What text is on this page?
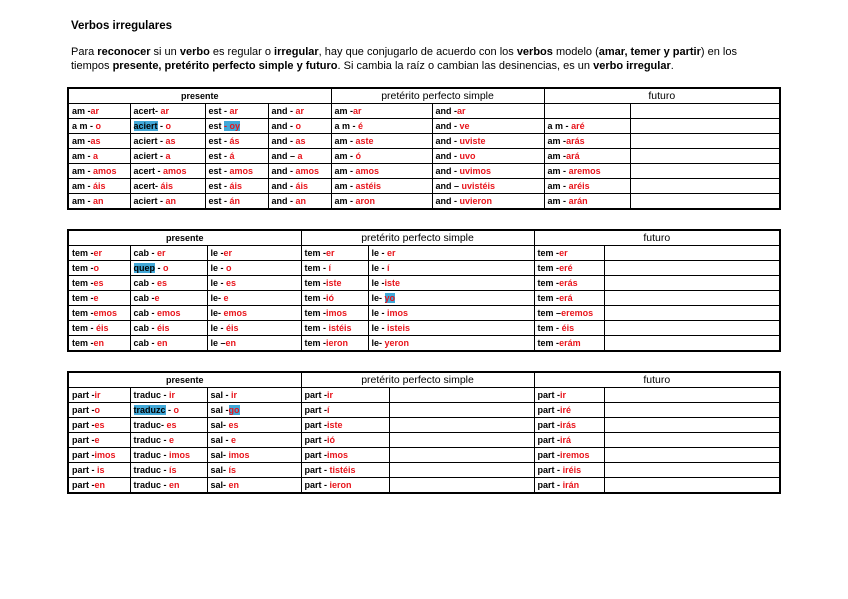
Verbos irregulares
Para reconocer si un verbo es regular o irregular, hay que conjugarlo de acuerdo con los verbos modelo (amar, temer y partir) en los tiempos presente, pretérito perfecto simple y futuro. Si cambia la raíz o cambian las desinencias, es un verbo irregular.
presente				pretérito perfecto simple		futuro	
am -ar	acert- ar	est - ar	and - ar	am -ar	and -ar		
a m - o	aciert - o	est - oy	and - o	a m - é	and - ve	a m - aré	
am -as	aciert - as	est - ás	and - as	am - aste	and - uviste	am -arás	
am - a	aciert - a	est - á	and – a	am - ó	and - uvo	am -ará	
am - amos	acert - amos	est - amos	and - amos	am - amos	and - uvimos	am - aremos	
am - áis	acert- áis	est - áis	and - áis	am - astéis	and – uvistéis	am - aréis	
am - an	aciert - an	est - án	and - an	am - aron	and - uvieron	am - arán	
presente			pretérito perfecto simple		futuro	
tem -er	cab - er	le -er	tem -er	le - er	tem -er	
tem -o	quep - o	le - o	tem - í	le - í	tem -eré	
tem -es	cab - es	le - es	tem -iste	le -iste	tem -erás	
tem -e	cab -e	le- e	tem -ió	le- yo	tem -erá	
tem -emos	cab - emos	le- emos	tem -imos	le - imos	tem –eremos	
tem - éis	cab - éis	le - éis	tem - istéis	le - isteis	tem - éis	
tem -en	cab - en	le –en	tem -ieron	le- yeron	tem -erám	
presente			pretérito perfecto simple		futuro	
part -ir	traduc - ir	sal - ir	part -ir		part -ir	
part -o	traduzc - o	sal -go	part -í		part -iré	
part -es	traduc- es	sal- es	part -iste		part -irás	
part -e	traduc - e	sal - e	part -ió		part -irá	
part -imos	traduc - imos	sal- imos	part -imos		part -iremos	
part - is	traduc - ís	sal- ís	part - tistéis		part - iréis	
part -en	traduc - en	sal- en	part - ieron		part - irán	
